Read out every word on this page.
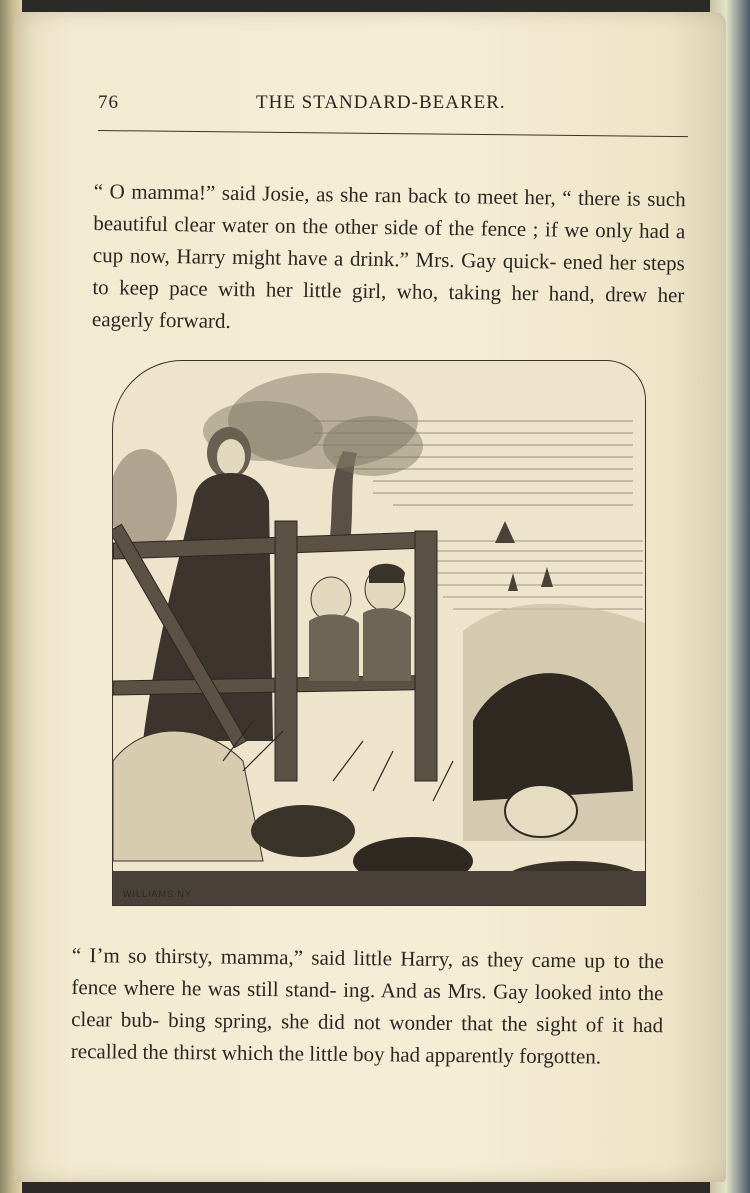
76	THE STANDARD-BEARER.

“ O mamma!” said Josie, as she ran back to meet her, “ there is such beautiful clear water on the other side of the fence ; if we only had a cup now, Harry might have a drink.” Mrs. Gay quick- ened her steps to keep pace with her little girl, who, taking her hand, drew her eagerly forward.

WILLIAMS NY

“ I’m so thirsty, mamma,” said little Harry, as they came up to the fence where he was still stand- ing. And as Mrs. Gay looked into the clear bub- bing spring, she did not wonder that the sight of it had recalled the thirst which the little boy had apparently forgotten.
